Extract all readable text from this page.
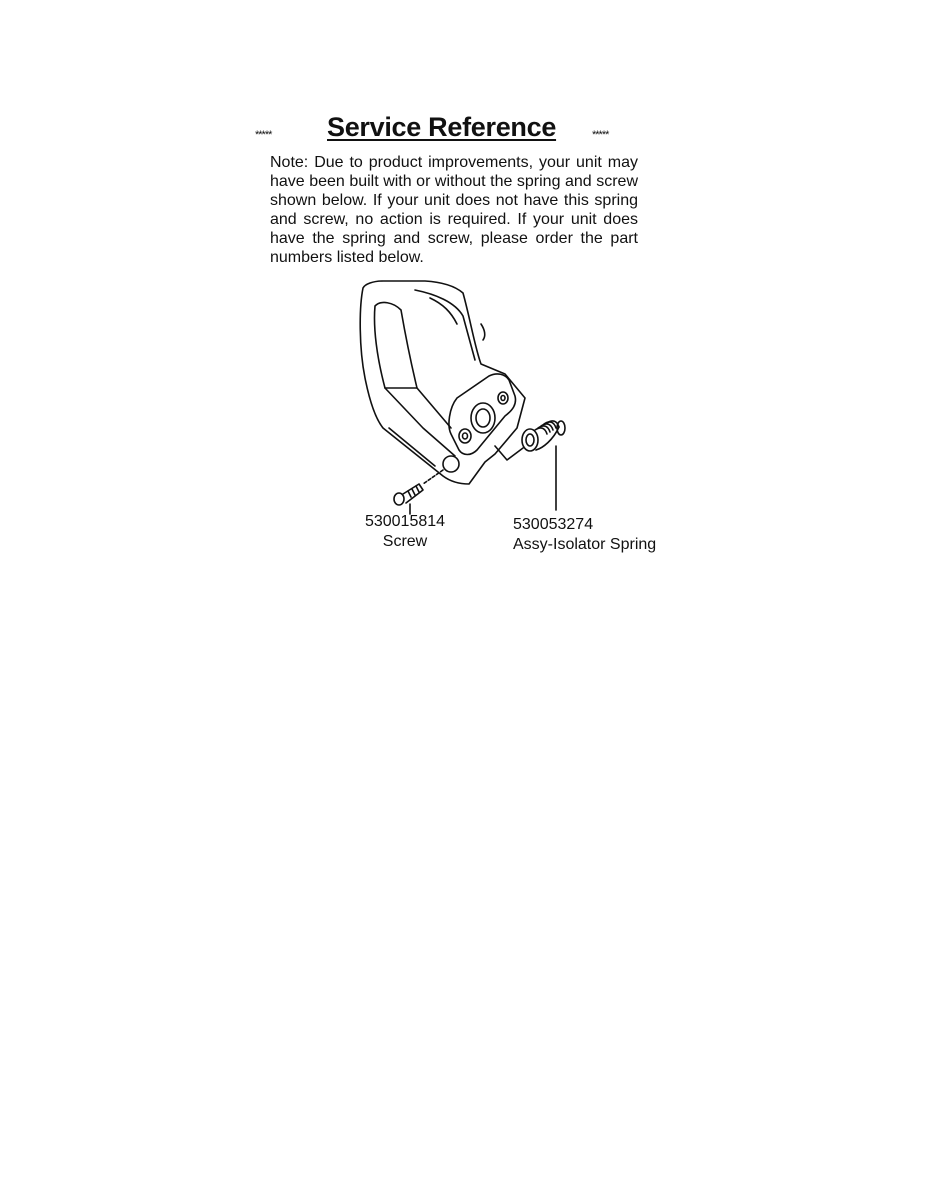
***** Service Reference	*****
Note: Due to product improvements, your unit may have been built with or without the spring and screw shown below. If your unit does not have this spring and screw, no action is required. If your unit does have the spring and screw, please order the part numbers listed below.
530015814
Screw
530053274
Assy-Isolator Spring
